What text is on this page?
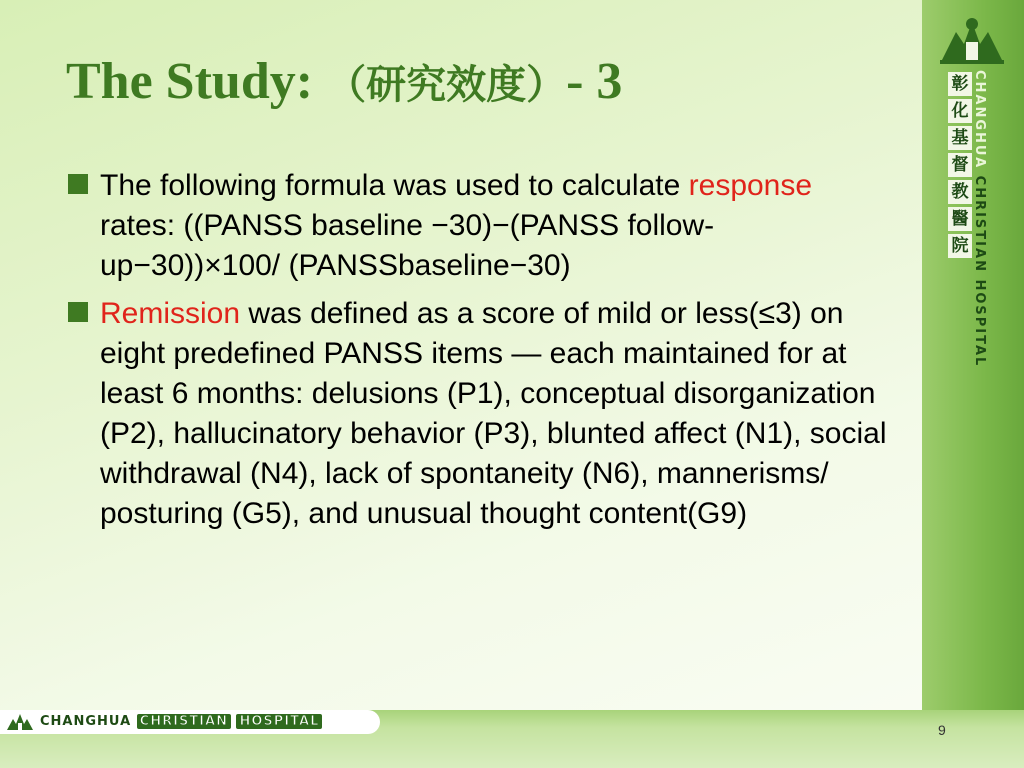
彰
化
基
督
教
醫
院
CHANGHUA CHRISTIAN HOSPITAL
The Study: （研究效度）- 3

The following formula was used to calculate response rates: ((PANSS baseline −30)−(PANSS follow-up−30))×100/ (PANSSbaseline−30)

Remission was defined as a score of mild or less(≤3) on eight predefined PANSS items — each maintained for at least 6 months: delusions (P1), conceptual disorganization (P2), hallucinatory behavior (P3), blunted affect (N1), social withdrawal (N4), lack of spontaneity (N6), mannerisms/ posturing (G5), and unusual thought content(G9)

CHANGHUA CHRISTIAN HOSPITAL
9
